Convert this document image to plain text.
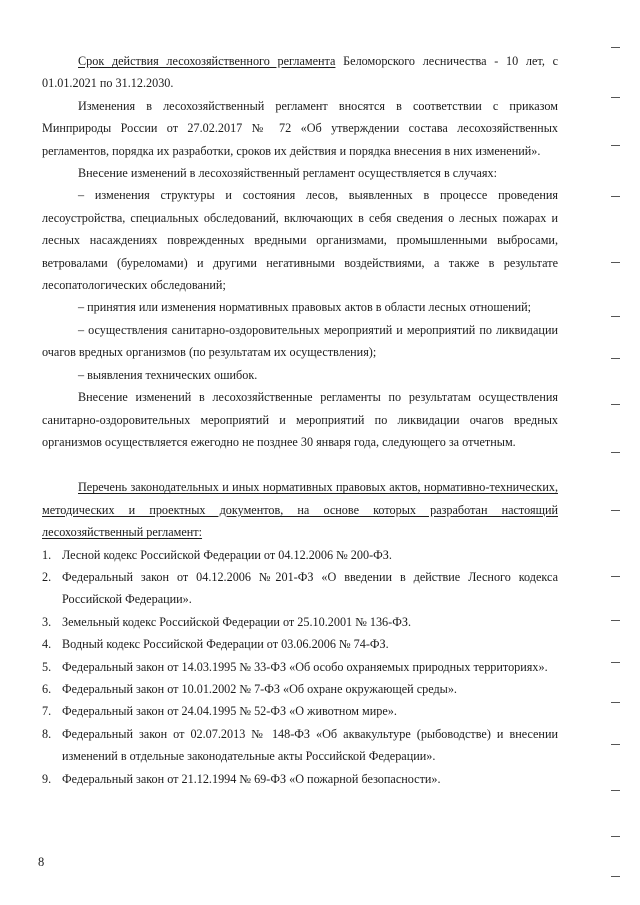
Срок действия лесохозяйственного регламента Беломорского лесничества - 10 лет, с 01.01.2021 по 31.12.2030.

Изменения в лесохозяйственный регламент вносятся в соответствии с приказом Минприроды России от 27.02.2017 № 72 «Об утверждении состава лесохозяйственных регламентов, порядка их разработки, сроков их действия и порядка внесения в них изменений».

Внесение изменений в лесохозяйственный регламент осуществляется в случаях:

– изменения структуры и состояния лесов, выявленных в процессе проведения лесоустройства, специальных обследований, включающих в себя сведения о лесных пожарах и лесных насаждениях поврежденных вредными организмами, промышленными выбросами, ветровалами (буреломами) и другими негативными воздействиями, а также в результате лесопатологических обследований;

– принятия или изменения нормативных правовых актов в области лесных отношений;

– осуществления санитарно-оздоровительных мероприятий и мероприятий по ликвидации очагов вредных организмов (по результатам их осуществления);

– выявления технических ошибок.

Внесение изменений в лесохозяйственные регламенты по результатам осуществления санитарно-оздоровительных мероприятий и мероприятий по ликвидации очагов вредных организмов осуществляется ежегодно не позднее 30 января года, следующего за отчетным.

Перечень законодательных и иных нормативных правовых актов, нормативно-технических, методических и проектных документов, на основе которых разработан настоящий лесохозяйственный регламент:

1. Лесной кодекс Российской Федерации от 04.12.2006 № 200-ФЗ.
2. Федеральный закон от 04.12.2006 №201-ФЗ «О введении в действие Лесного кодекса Российской Федерации».
3. Земельный кодекс Российской Федерации от 25.10.2001 № 136-ФЗ.
4. Водный кодекс Российской Федерации от 03.06.2006 № 74-ФЗ.
5. Федеральный закон от 14.03.1995 № 33-ФЗ «Об особо охраняемых природных территориях».
6. Федеральный закон от 10.01.2002 № 7-ФЗ «Об охране окружающей среды».
7. Федеральный закон от 24.04.1995 № 52-ФЗ «О животном мире».
8. Федеральный закон от 02.07.2013 № 148-ФЗ «Об аквакультуре (рыбоводстве) и внесении изменений в отдельные законодательные акты Российской Федерации».
9. Федеральный закон от 21.12.1994 № 69-ФЗ «О пожарной безопасности».
8
